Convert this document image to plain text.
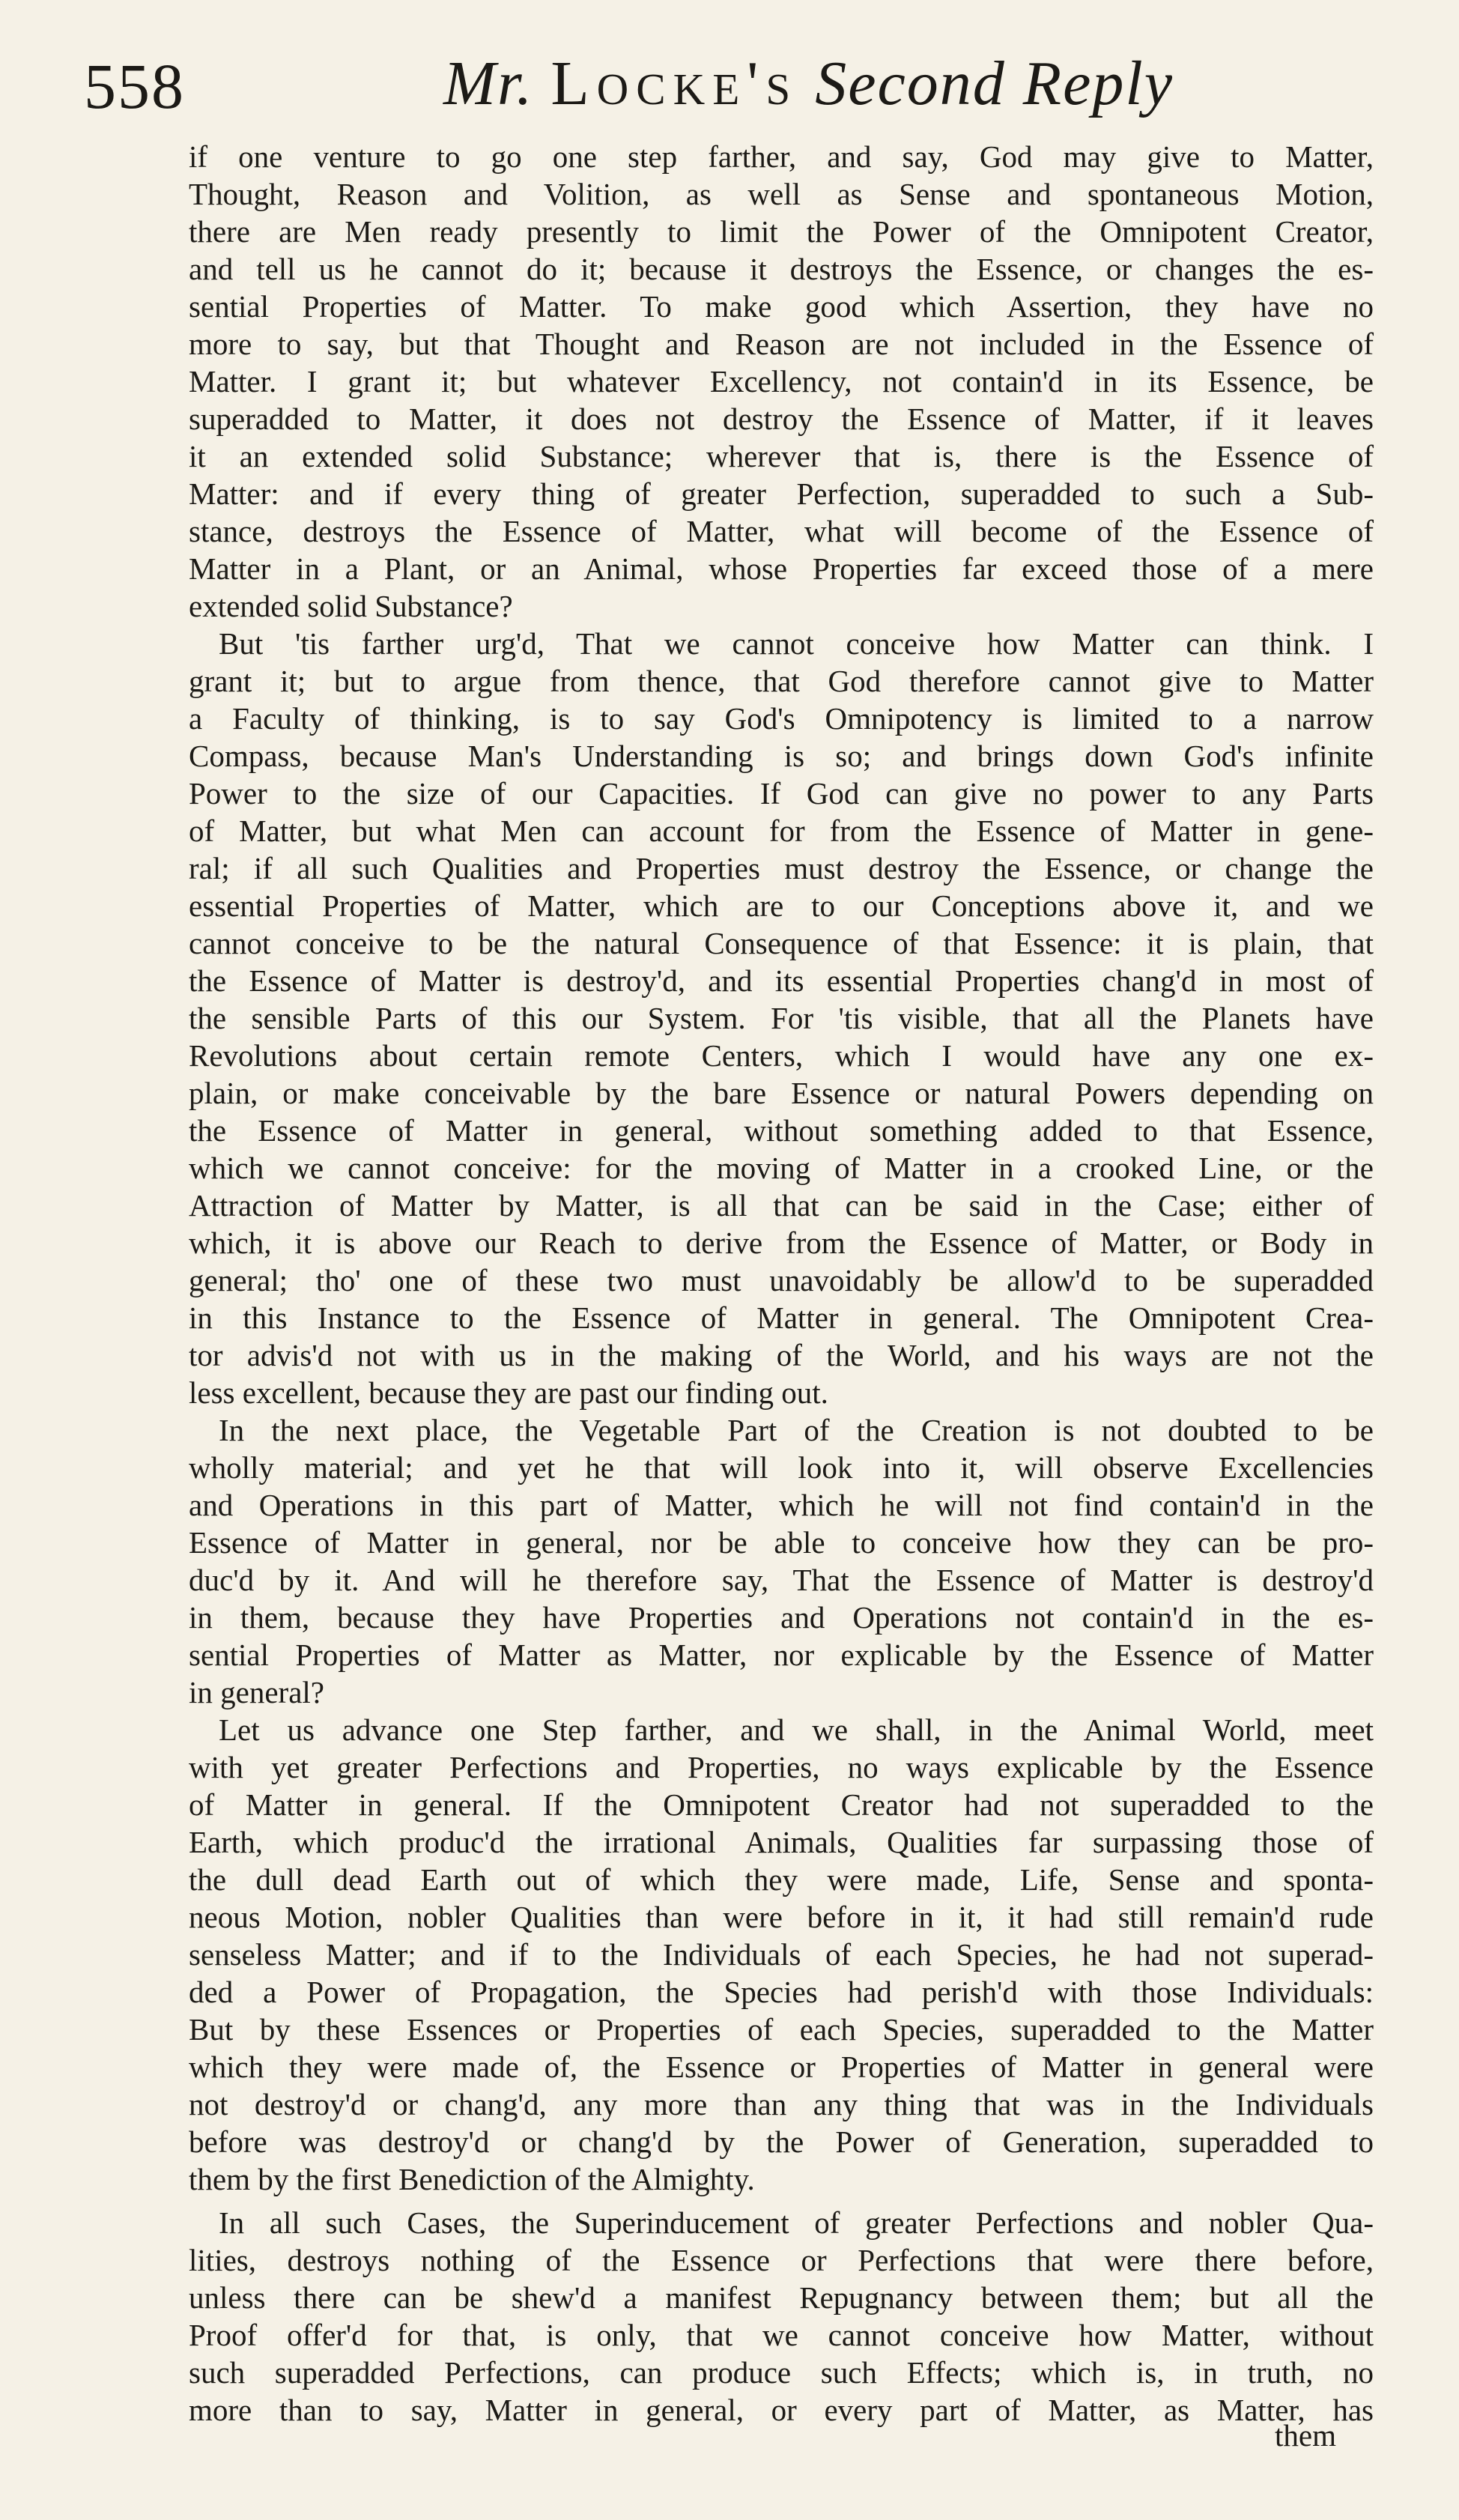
558	Mr. Locke's Second Reply
if one venture to go one step farther, and say, God may give to Matter,
Thought, Reason and Volition, as well as Sense and spontaneous Motion,
there are Men ready presently to limit the Power of the Omnipotent Creator,
and tell us he cannot do it; because it destroys the Essence, or changes the es-
sential Properties of Matter. To make good which Assertion, they have no
more to say, but that Thought and Reason are not included in the Essence of
Matter. I grant it; but whatever Excellency, not contain'd in its Essence, be
superadded to Matter, it does not destroy the Essence of Matter, if it leaves
it an extended solid Substance; wherever that is, there is the Essence of
Matter: and if every thing of greater Perfection, superadded to such a Sub-
stance, destroys the Essence of Matter, what will become of the Essence of
Matter in a Plant, or an Animal, whose Properties far exceed those of a mere
extended solid Substance?
But 'tis farther urg'd, That we cannot conceive how Matter can think. I
grant it; but to argue from thence, that God therefore cannot give to Matter
a Faculty of thinking, is to say God's Omnipotency is limited to a narrow
Compass, because Man's Understanding is so; and brings down God's infinite
Power to the size of our Capacities. If God can give no power to any Parts
of Matter, but what Men can account for from the Essence of Matter in gene-
ral; if all such Qualities and Properties must destroy the Essence, or change the
essential Properties of Matter, which are to our Conceptions above it, and we
cannot conceive to be the natural Consequence of that Essence: it is plain, that
the Essence of Matter is destroy'd, and its essential Properties chang'd in most of
the sensible Parts of this our System. For 'tis visible, that all the Planets have
Revolutions about certain remote Centers, which I would have any one ex-
plain, or make conceivable by the bare Essence or natural Powers depending on
the Essence of Matter in general, without something added to that Essence,
which we cannot conceive: for the moving of Matter in a crooked Line, or the
Attraction of Matter by Matter, is all that can be said in the Case; either of
which, it is above our Reach to derive from the Essence of Matter, or Body in
general; tho' one of these two must unavoidably be allow'd to be superadded
in this Instance to the Essence of Matter in general. The Omnipotent Crea-
tor advis'd not with us in the making of the World, and his ways are not the
less excellent, because they are past our finding out.
In the next place, the Vegetable Part of the Creation is not doubted to be
wholly material; and yet he that will look into it, will observe Excellencies
and Operations in this part of Matter, which he will not find contain'd in the
Essence of Matter in general, nor be able to conceive how they can be pro-
duc'd by it. And will he therefore say, That the Essence of Matter is destroy'd
in them, because they have Properties and Operations not contain'd in the es-
sential Properties of Matter as Matter, nor explicable by the Essence of Matter
in general?
Let us advance one Step farther, and we shall, in the Animal World, meet
with yet greater Perfections and Properties, no ways explicable by the Essence
of Matter in general. If the Omnipotent Creator had not superadded to the
Earth, which produc'd the irrational Animals, Qualities far surpassing those of
the dull dead Earth out of which they were made, Life, Sense and sponta-
neous Motion, nobler Qualities than were before in it, it had still remain'd rude
senseless Matter; and if to the Individuals of each Species, he had not superad-
ded a Power of Propagation, the Species had perish'd with those Individuals:
But by these Essences or Properties of each Species, superadded to the Matter
which they were made of, the Essence or Properties of Matter in general were
not destroy'd or chang'd, any more than any thing that was in the Individuals
before was destroy'd or chang'd by the Power of Generation, superadded to
them by the first Benediction of the Almighty.
In all such Cases, the Superinducement of greater Perfections and nobler Qua-
lities, destroys nothing of the Essence or Perfections that were there before,
unless there can be shew'd a manifest Repugnancy between them; but all the
Proof offer'd for that, is only, that we cannot conceive how Matter, without
such superadded Perfections, can produce such Effects; which is, in truth, no
more than to say, Matter in general, or every part of Matter, as Matter, has
them
